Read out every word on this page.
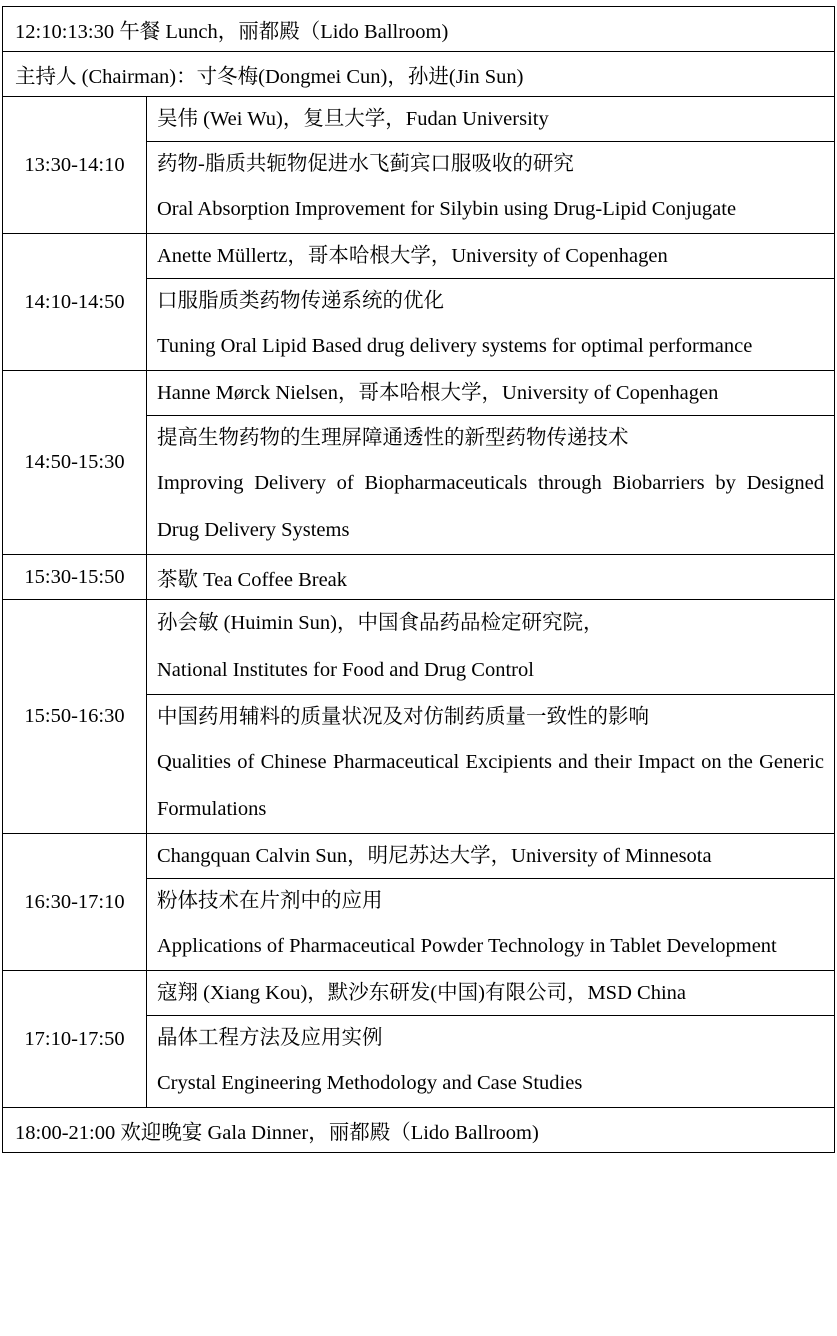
12:10:13:30 午餐 Lunch，丽都殿（Lido Ballroom)	
主持人 (Chairman)：寸冬梅(Dongmei Cun)，孙进(Jin Sun)	
13:30-14:10	吴伟 (Wei Wu)，复旦大学，Fudan University
药物-脂质共轭物促进水飞蓟宾口服吸收的研究
Oral Absorption Improvement for Silybin using Drug-Lipid Conjugate

14:10-14:50	Anette Müllertz，哥本哈根大学，University of Copenhagen
口服脂质类药物传递系统的优化
Tuning Oral Lipid Based drug delivery systems for optimal performance

14:50-15:30	Hanne Mørck Nielsen，哥本哈根大学，University of Copenhagen
提高生物药物的生理屏障通透性的新型药物传递技术
Improving Delivery of Biopharmaceuticals through Biobarriers by Designed Drug Delivery Systems

15:30-15:50	茶歇 Tea Coffee Break
15:50-16:30	孙会敏 (Huimin Sun)，中国食品药品检定研究院，
National Institutes for Food and Drug Control
中国药用辅料的质量状况及对仿制药质量一致性的影响
Qualities of Chinese Pharmaceutical Excipients and their Impact on the Generic Formulations

16:30-17:10	Changquan Calvin Sun，明尼苏达大学，University of Minnesota
粉体技术在片剂中的应用
Applications of Pharmaceutical Powder Technology in Tablet Development

17:10-17:50	寇翔 (Xiang Kou)，默沙东研发(中国)有限公司，MSD China
晶体工程方法及应用实例
Crystal Engineering Methodology and Case Studies

18:00-21:00 欢迎晚宴 Gala Dinner，丽都殿（Lido Ballroom)	
